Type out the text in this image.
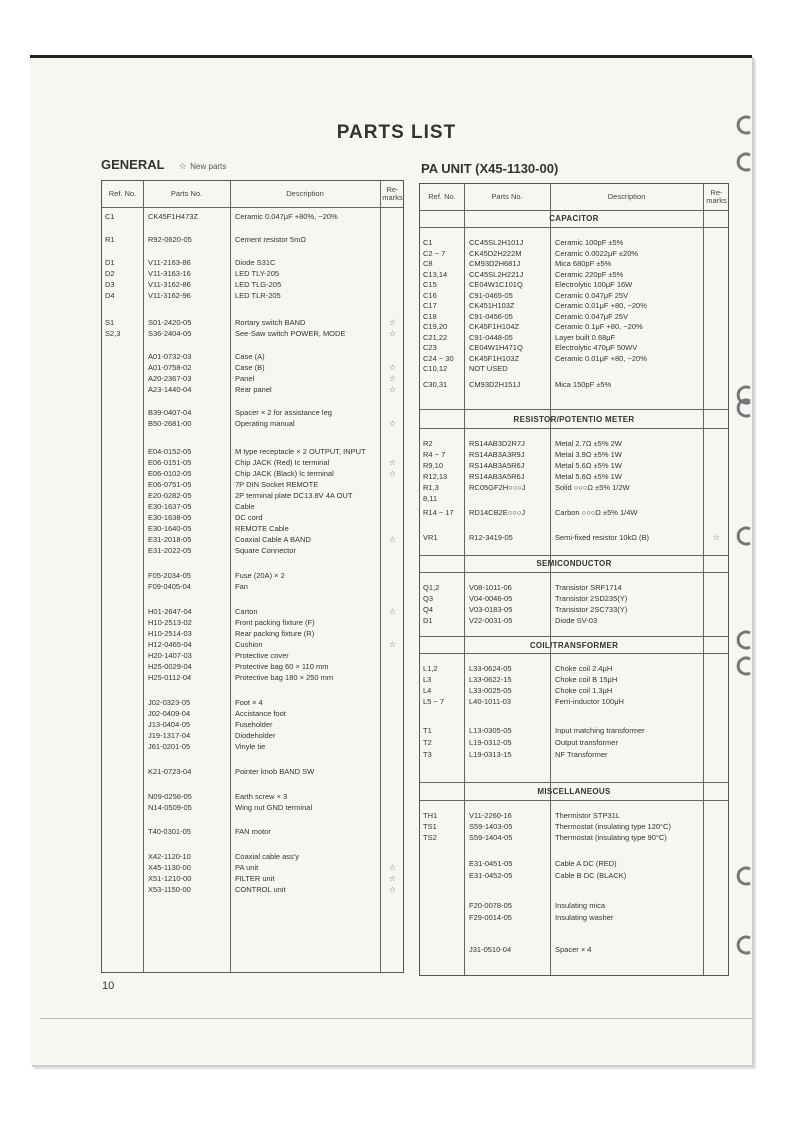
PARTS LIST
GENERAL ☆ New parts	PA UNIT (X45-1130-00)
Ref. No.	Parts No.	Description	Re-
marks
C1	CK45F1H473Z	Ceramic 0.047μF +80%, −20%
R1	R92-0620-05	Cement resistor 5mΩ
D1	V11-2163-86	Diode S31C
D2	V11-3163-16	LED TLY-205
D3	V11-3162-86	LED TLG-205
D4	V11-3162-96	LED TLR-205
S1	S01-2420-05	Rortary switch BAND	☆
S2,3	S36-2404-05	See-Saw switch POWER, MODE	☆
A01-0732-03	Case (A)
A01-0758-02	Case (B)	☆
A20-2367-03	Panel	☆
A23-1440-04	Rear panel	☆
B39-0407-04	Spacer × 2 for assistance leg
B50-2681-00	Operating manual	☆
E04-0152-05	M type receptacle × 2 OUTPUT, INPUT
E06-0151-05	Chip JACK (Red) Ic terminal	☆
E06-0102-05	Chip JACK (Black) Ic terminal	☆
E06-0751-05	7P DIN Socket REMOTE
E20-0282-05	2P terminal plate DC13.8V 4A OUT
E30-1637-05	Cable
E30-1638-05	DC cord
E30-1640-05	REMOTE Cable
E31-2018-05	Coaxial Cable A BAND	☆
E31-2022-05	Square Connector
F05-2034-05	Fuse (20A) × 2
F09-0405-04	Fan
H01-2647-04	Carton	☆
H10-2513-02	Front packing fixture (F)
H10-2514-03	Rear packing fixture (R)
H12-0465-04	Cushion	☆
H20-1407-03	Protective cover
H25-0029-04	Protective bag 60 × 110 mm
H25-0112-04	Protective bag 180 × 250 mm
J02-0323-05	Foot × 4
J02-0409-04	Accistance foot
J13-0404-05	Fuseholder
J19-1317-04	Diodeholder
J61-0201-05	Vinyle tie
K21-0723-04	Pointer knob BAND SW
N09-0256-05	Earth screw × 3
N14-0509-05	Wing nut GND terminal
T40-0301-05	FAN motor
X42-1120-10	Coaxial cable ass'y
X45-1130-00	PA unit	☆
X51-1210-00	FILTER unit	☆
X53-1150-00	CONTROL unit	☆
Ref. No.	Parts No.	Description	Re-
marks
CAPACITOR
C1	CC45SL2H101J	Ceramic 100pF ±5%
C2 ~ 7	CK45D2H222M	Ceramic 0.0022μF ±20%
C8	CM93D2H681J	Mica 680pF ±5%
C13,14	CC45SL2H221J	Ceramic 220pF ±5%
C15	CE04W1C101Q	Electrolytic 100μF 16W
C16	C91-0465-05	Ceramic 0.047μF 25V
C17	CK451H103Z	Ceramic 0.01μF +80, −20%
C18	C91-0456-05	Ceramic 0.047μF 25V
C19,20	CK45F1H104Z	Ceramic 0.1μF +80, −20%
C21,22	C91-0448-05	Layer built 0.68μF
C23	CE04W1H471Q	Electrolytic 470μF 50WV
C24 ~ 30	CK45F1H103Z	Ceramic 0.01μF +80, −20%
C10,12	NOT USED
C30,31	CM93D2H151J	Mica 150pF ±5%
RESISTOR/POTENTIO METER
R2	RS14AB3D2R7J	Metal 2.7Ω ±5% 2W
R4 ~ 7	RS14AB3A3R9J	Metal 3.9Ω ±5% 1W
R9,10	RS14AB3A5R6J	Metal 5.6Ω ±5% 1W
R12,13	RS14AB3A5R6J	Metal 5.6Ω ±5% 1W
R1,3	RC05GF2H○○○J	Solid ○○○Ω ±5% 1/2W
8,11
R14 ~ 17	RD14CB2E○○○J	Carbon ○○○Ω ±5% 1/4W
VR1	R12-3419-05	Semi-fixed resistor 10kΩ (B)	☆
SEMICONDUCTOR
Q1,2	V08-1011-06	Transistor SRF1714
Q3	V04-0046-05	Transistor 2SD235(Y)
Q4	V03-0183-05	Transistor 2SC733(Y)
D1	V22-0031-05	Diode SV-03
COIL/TRANSFORMER
L1,2	L33-0624-05	Choke coil 2.4μH
L3	L33-0622-15	Choke coil B 15μH
L4	L33-0025-05	Choke coil 1.3μH
L5 ~ 7	L40-1011-03	Ferri-inductor 100μH
T1	L13-0305-05	Input matching transformer
T2	L19-0312-05	Output transformer
T3	L19-0313-15	NF Transformer
MISCELLANEOUS
TH1	V11-2260-16	Thermistor STP31L
TS1	S59-1403-05	Thermostat (insulating type 120°C)
TS2	S59-1404-05	Thermostat (insulating type 90°C)
E31-0451-05	Cable A DC (RED)
E31-0452-05	Cable B DC (BLACK)
F20-0078-05	Insulating mica
F29-0014-05	Insulating washer
J31-0510-04	Spacer × 4
10
